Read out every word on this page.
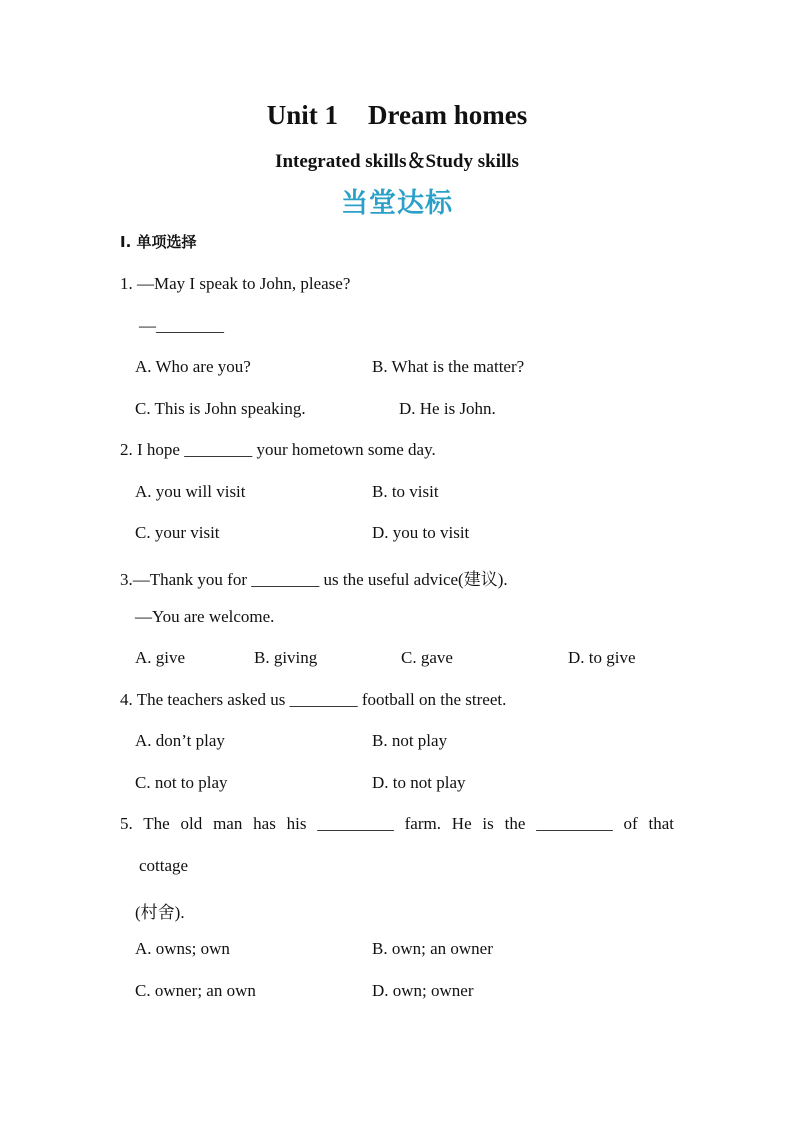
Unit 1 Dream homes
Integrated skills＆Study skills
当堂达标
Ⅰ. 单项选择
1. —May I speak to John, please?
—________
A. Who are you?	B. What is the matter?
C. This is John speaking.	D. He is John.
2. I hope ________ your hometown some day.
A. you will visit	B. to visit
C. your visit	D. you to visit
3.—Thank you for ________ us the useful advice(建议).
—You are welcome.
A. give	B. giving	C. gave	D. to give
4. The teachers asked us ________ football on the street.
A. don’t play	B. not play
C. not to play	D. to not play
5. The old man has his _________ farm. He is the _________ of that
cottage
(村舍).
A. owns; own	B. own; an owner
C. owner; an own	D. own; owner
